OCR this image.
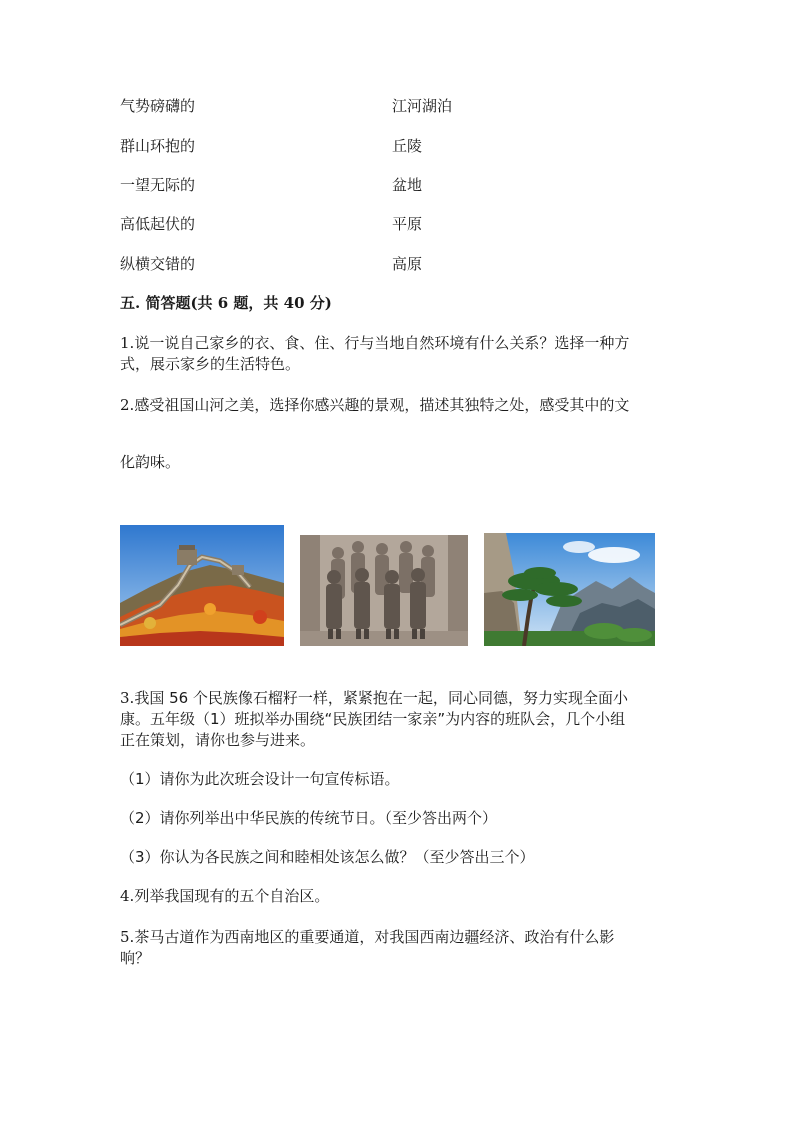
气势磅礴的	江河湖泊
群山环抱的	丘陵
一望无际的	盆地
高低起伏的	平原
纵横交错的	高原
五. 简答题(共 6 题，共 40 分)
1.说一说自己家乡的衣、食、住、行与当地自然环境有什么关系？选择一种方
式，展示家乡的生活特色。
2.感受祖国山河之美，选择你感兴趣的景观，描述其独特之处，感受其中的文
化韵味。
3.我国 56 个民族像石榴籽一样，紧紧抱在一起，同心同德，努力实现全面小
康。五年级（1）班拟举办围绕“民族团结一家亲”为内容的班队会，几个小组
正在策划，请你也参与进来。
（1）请你为此次班会设计一句宣传标语。
（2）请你列举出中华民族的传统节日。（至少答出两个）
（3）你认为各民族之间和睦相处该怎么做？（至少答出三个）
4.列举我国现有的五个自治区。
5.茶马古道作为西南地区的重要通道，对我国西南边疆经济、政治有什么影
响？
